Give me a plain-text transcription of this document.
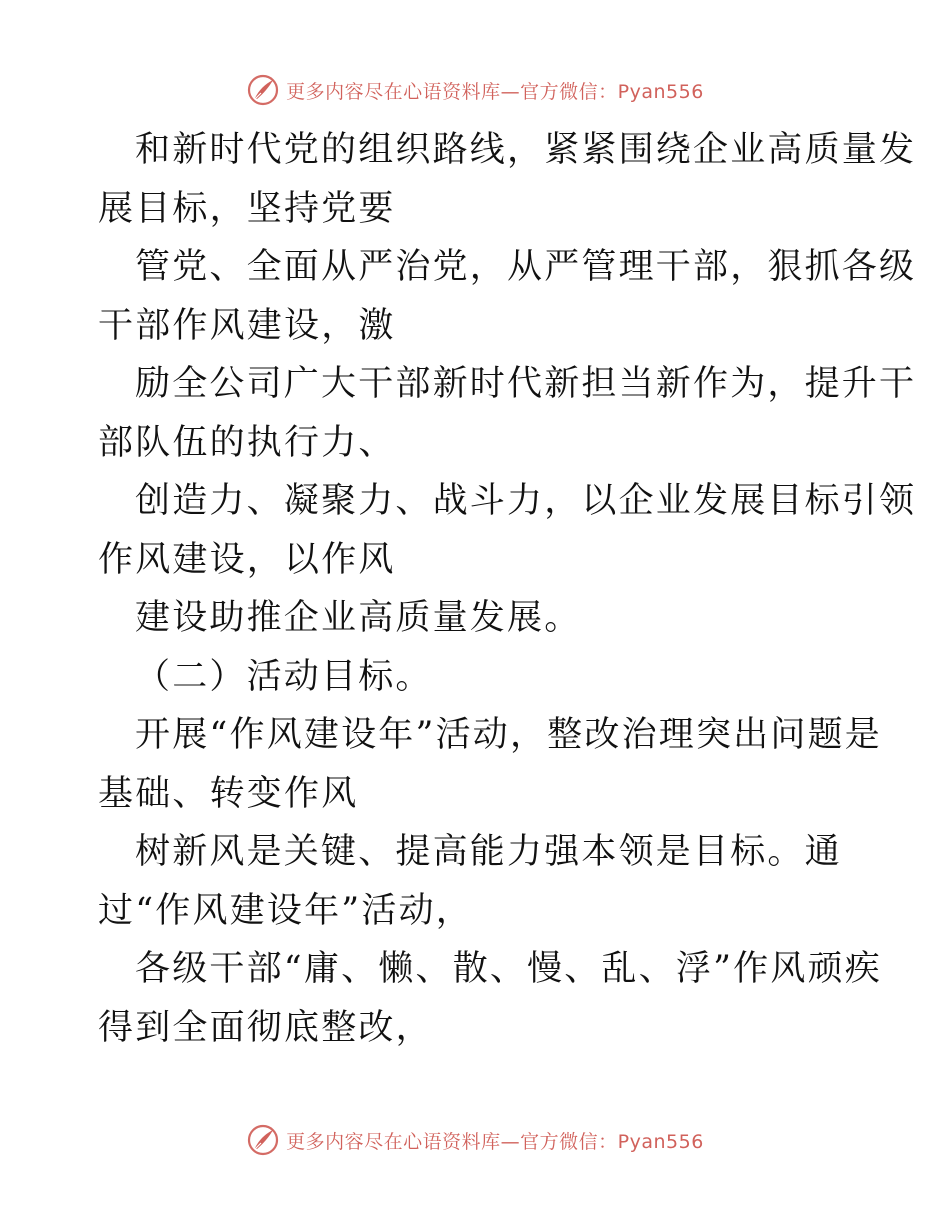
更多内容尽在心语资料库—官方微信：Pyan556

和新时代党的组织路线，紧紧围绕企业高质量发

展目标，坚持党要

管党、全面从严治党，从严管理干部，狠抓各级

干部作风建设，激

励全公司广大干部新时代新担当新作为，提升干

部队伍的执行力、

创造力、凝聚力、战斗力，以企业发展目标引领

作风建设，以作风

建设助推企业高质量发展。

（二）活动目标。

开展“作风建设年”活动，整改治理突出问题是

基础、转变作风

树新风是关键、提高能力强本领是目标。通

过“作风建设年”活动，

各级干部“庸、懒、散、慢、乱、浮”作风顽疾

得到全面彻底整改，

更多内容尽在心语资料库—官方微信：Pyan556
